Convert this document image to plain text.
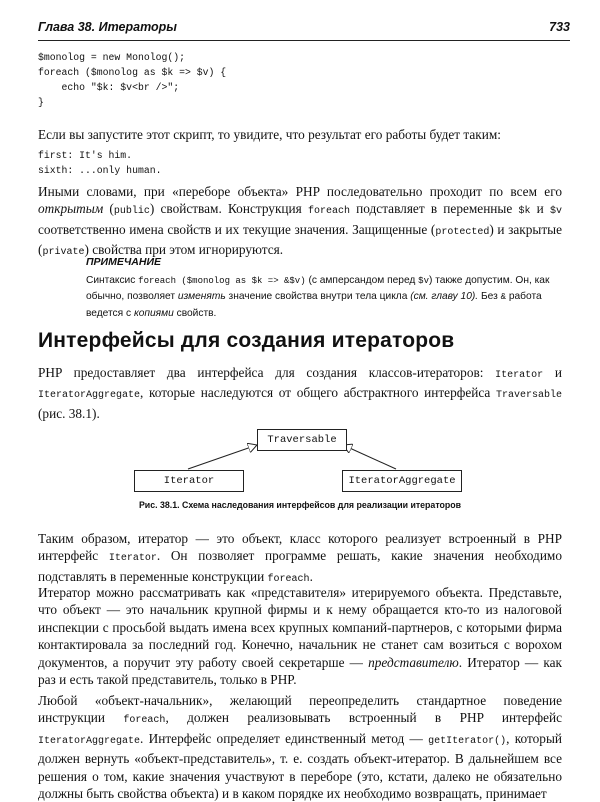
Глава 38. Итераторы	733
$monolog = new Monolog();
foreach ($monolog as $k => $v) {
echo "$k: $v<br />";
}

Если вы запустите этот скрипт, то увидите, что результат его работы будет таким:

first: It's him.
sixth: ...only human.

Иными словами, при «переборе объекта» PHP последовательно проходит по всем его открытым (public) свойствам. Конструкция foreach подставляет в переменные $k и $v соответственно имена свойств и их текущие значения. Защищенные (protected) и закрытые (private) свойства при этом игнорируются.

ПРИМЕЧАНИЕ
Синтаксис foreach ($monolog as $k => &$v) (с амперсандом перед $v) также допустим. Он, как обычно, позволяет изменять значение свойства внутри тела цикла (см. главу 10). Без & работа ведется с копиями свойств.
Интерфейсы для создания итераторов

PHP предоставляет два интерфейса для создания классов-итераторов: Iterator и IteratorAggregate, которые наследуются от общего абстрактного интерфейса Traversable (рис. 38.1).

Traversable
Iterator	IteratorAggregate
Рис. 38.1. Схема наследования интерфейсов для реализации итераторов

Таким образом, итератор — это объект, класс которого реализует встроенный в PHP интерфейс Iterator. Он позволяет программе решать, какие значения необходимо подставлять в переменные конструкции foreach.

Итератор можно рассматривать как «представителя» итерируемого объекта. Представьте, что объект — это начальник крупной фирмы и к нему обращается кто-то из налоговой инспекции с просьбой выдать имена всех крупных компаний-партнеров, с которыми фирма контактировала за последний год. Конечно, начальник не станет сам возиться с ворохом документов, а поручит эту работу своей секретарше — представителю. Итератор — как раз и есть такой представитель, только в PHP.

Любой «объект-начальник», желающий переопределить стандартное поведение инструкции foreach, должен реализовывать встроенный в PHP интерфейс IteratorAggregate. Интерфейс определяет единственный метод — getIterator(), который должен вернуть «объект-представитель», т. е. создать объект-итератор. В дальнейшем все решения о том, какие значения участвуют в переборе (это, кстати, далеко не обязательно должны быть свойства объекта) и в каком порядке их необходимо возвращать, принимает
